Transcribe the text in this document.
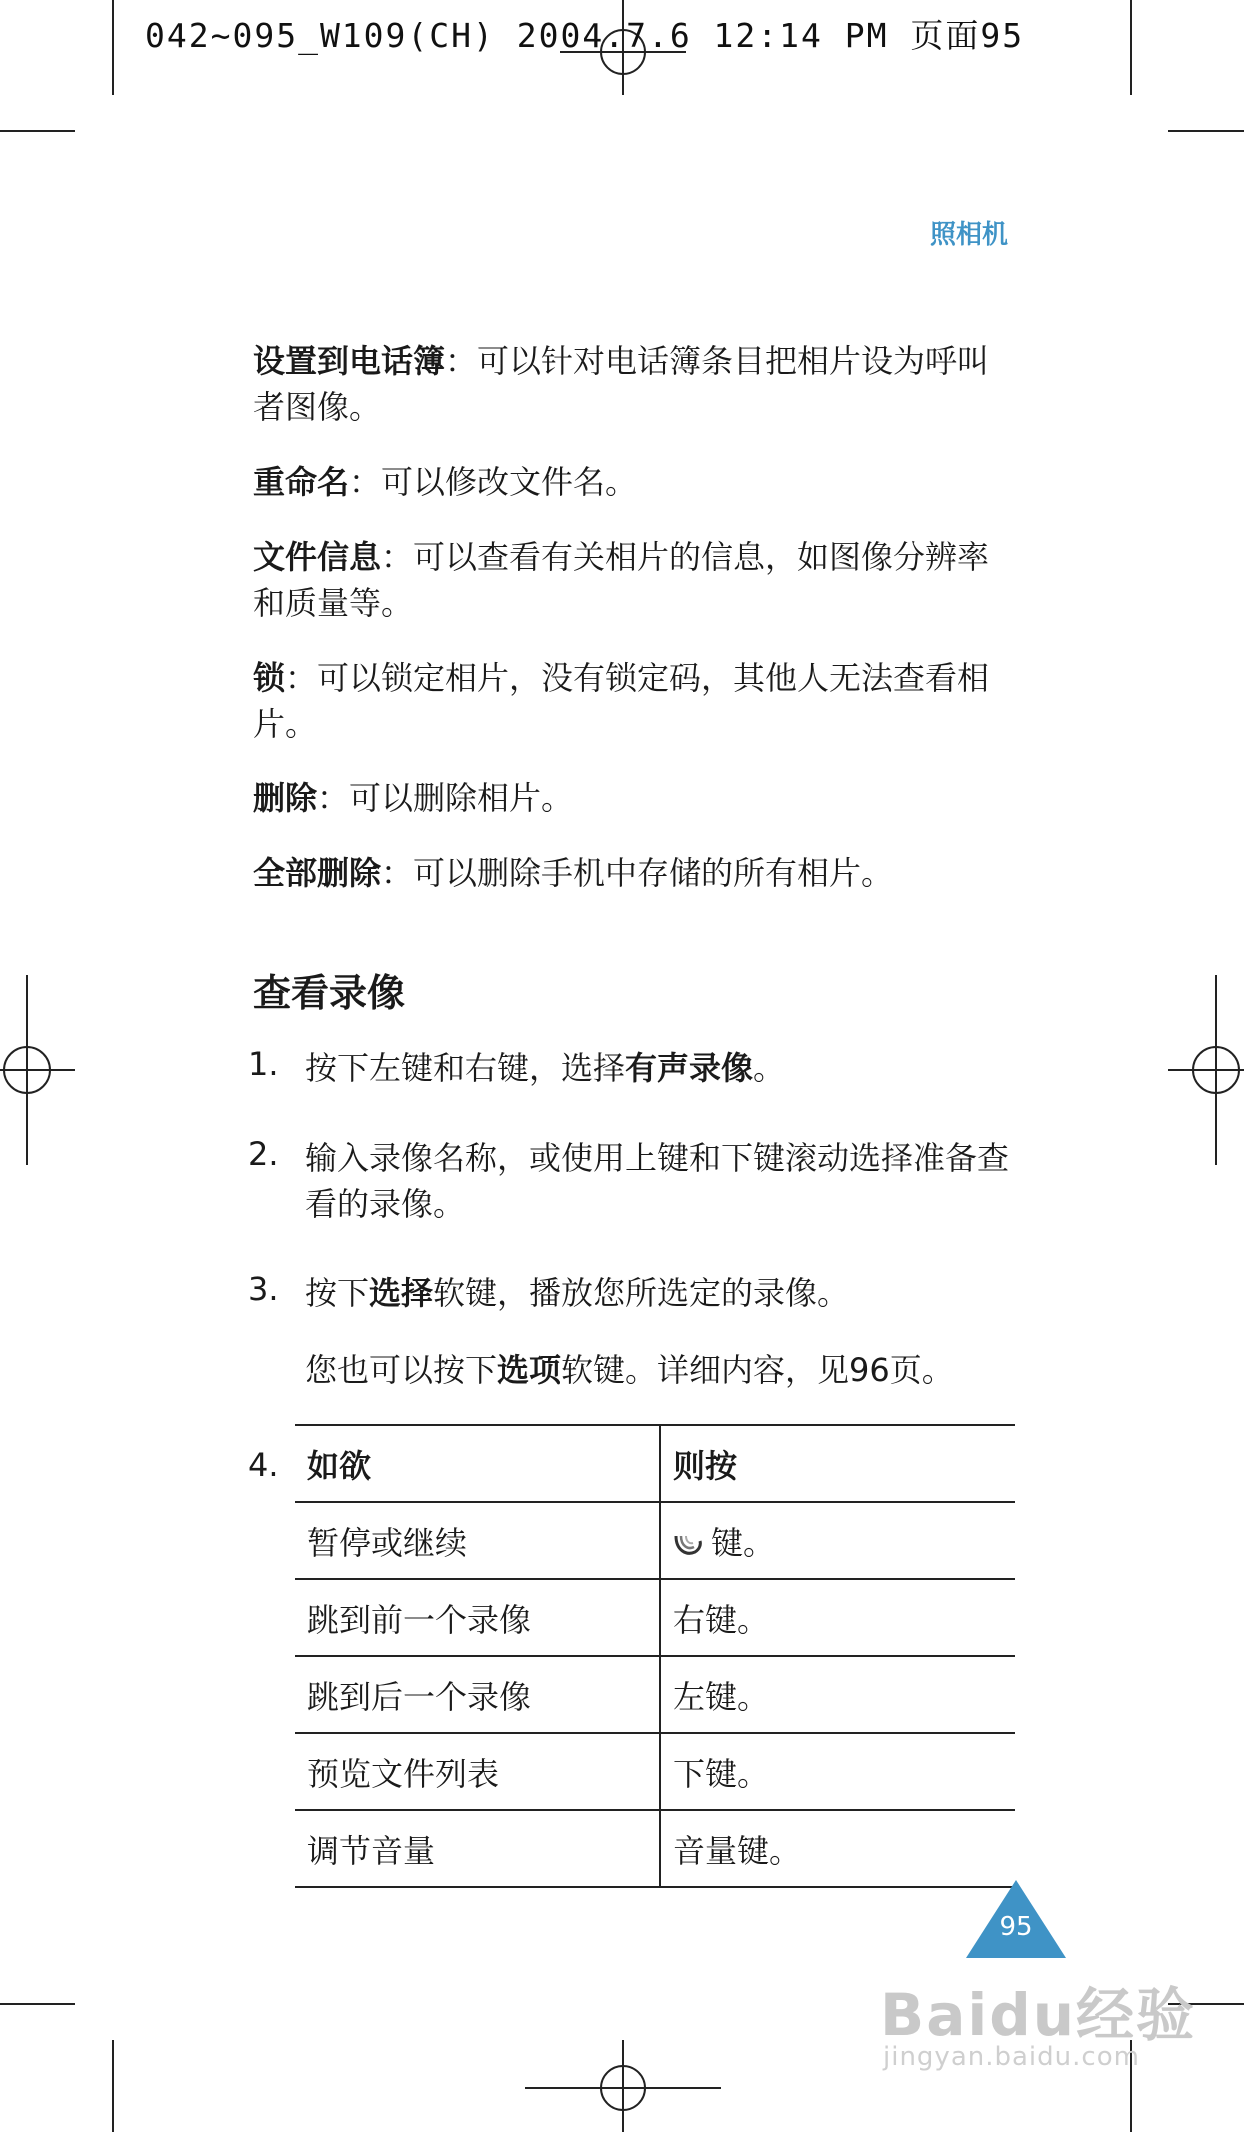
042~095_W109(CH) 2004.7.6 12:14 PM 页面95
照相机

设置到电话簿：可以针对电话簿条目把相片设为呼叫者图像。

重命名：可以修改文件名。

文件信息：可以查看有关相片的信息，如图像分辨率和质量等。

锁：可以锁定相片，没有锁定码，其他人无法查看相片。

删除：可以删除相片。

全部删除：可以删除手机中存储的所有相片。

查看录像
1. 按下左键和右键，选择有声录像。
2. 输入录像名称，或使用上键和下键滚动选择准备查看的录像。
3. 按下选择软键，播放您所选定的录像。
您也可以按下选项软键。详细内容，见96页。
4. 如欲	则按
暂停或继续	键。
跳到前一个录像	右键。
跳到后一个录像	左键。
预览文件列表	下键。
调节音量	音量键。
95
Baidu经验
jingyan.baidu.com
